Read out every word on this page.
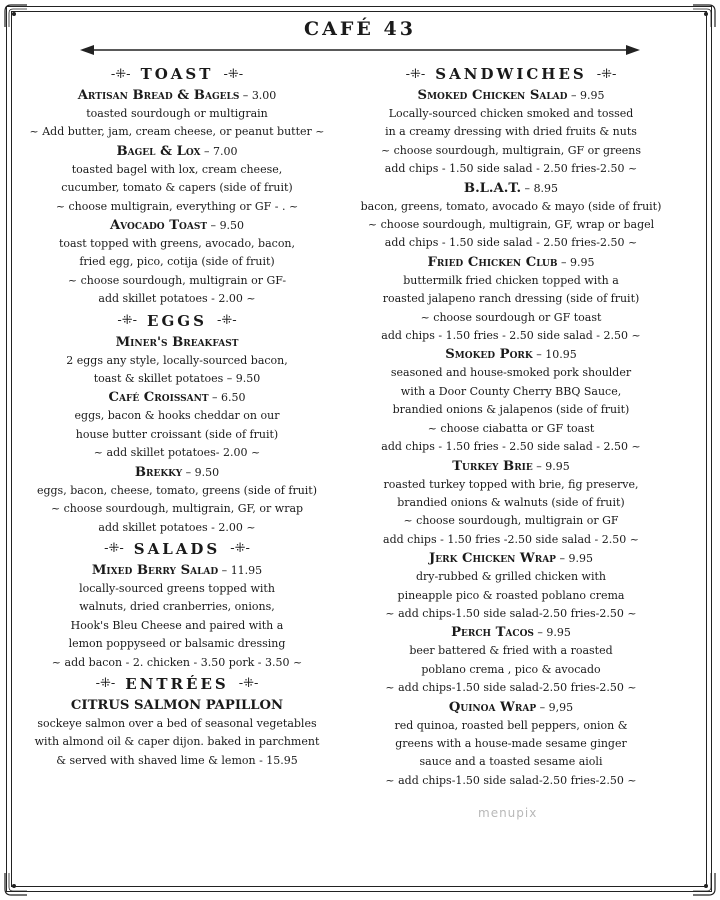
CAFÉ 43
-⁜- TOAST -⁜-
Artisan Bread & Bagels – 3.00
toasted sourdough or multigrain
~ Add butter, jam, cream cheese, or peanut butter ~
Bagel & Lox – 7.00
toasted bagel with lox, cream cheese,
cucumber, tomato & capers (side of fruit)
~ choose multigrain, everything or GF - . ~
Avocado Toast – 9.50
toast topped with greens, avocado, bacon,
fried egg, pico, cotija (side of fruit)
~ choose sourdough, multigrain or GF-
add skillet potatoes - 2.00 ~
-⁜- EGGS -⁜-
Miner's Breakfast
2 eggs any style, locally-sourced bacon,
toast & skillet potatoes – 9.50
Café Croissant – 6.50
eggs, bacon & hooks cheddar on our
house butter croissant (side of fruit)
~ add skillet potatoes- 2.00 ~
Brekky – 9.50
eggs, bacon, cheese, tomato, greens (side of fruit)
~ choose sourdough, multigrain, GF, or wrap
add skillet potatoes - 2.00 ~
-⁜- SALADS -⁜-
Mixed Berry Salad – 11.95
locally-sourced greens topped with
walnuts, dried cranberries, onions,
Hook's Bleu Cheese and paired with a
lemon poppyseed or balsamic dressing
~ add bacon - 2. chicken - 3.50 pork - 3.50 ~
-⁜- ENTRÉES -⁜-
CITRUS SALMON PAPILLON
sockeye salmon over a bed of seasonal vegetables
with almond oil & caper dijon. baked in parchment
& served with shaved lime & lemon - 15.95
-⁜- SANDWICHES -⁜-
Smoked Chicken Salad – 9.95
Locally-sourced chicken smoked and tossed
in a creamy dressing with dried fruits & nuts
~ choose sourdough, multigrain, GF or greens
add chips - 1.50 side salad - 2.50 fries-2.50 ~
B.L.A.T. – 8.95
bacon, greens, tomato, avocado & mayo (side of fruit)
~ choose sourdough, multigrain, GF, wrap or bagel
add chips - 1.50 side salad - 2.50 fries-2.50 ~
Fried Chicken Club – 9.95
buttermilk fried chicken topped with a
roasted jalapeno ranch dressing (side of fruit)
~ choose sourdough or GF toast
add chips - 1.50 fries - 2.50 side salad - 2.50 ~
Smoked Pork – 10.95
seasoned and house-smoked pork shoulder
with a Door County Cherry BBQ Sauce,
brandied onions & jalapenos (side of fruit)
~ choose ciabatta or GF toast
add chips - 1.50 fries - 2.50 side salad - 2.50 ~
Turkey Brie – 9.95
roasted turkey topped with brie, fig preserve,
brandied onions & walnuts (side of fruit)
~ choose sourdough, multigrain or GF
add chips - 1.50 fries -2.50 side salad - 2.50 ~
Jerk Chicken Wrap – 9.95
dry-rubbed & grilled chicken with
pineapple pico & roasted poblano crema
~ add chips-1.50 side salad-2.50 fries-2.50 ~
Perch Tacos – 9.95
beer battered & fried with a roasted
poblano crema , pico & avocado
~ add chips-1.50 side salad-2.50 fries-2.50 ~
Quinoa Wrap – 9,95
red quinoa, roasted bell peppers, onion &
greens with a house-made sesame ginger
sauce and a toasted sesame aioli
~ add chips-1.50 side salad-2.50 fries-2.50 ~
menupix
